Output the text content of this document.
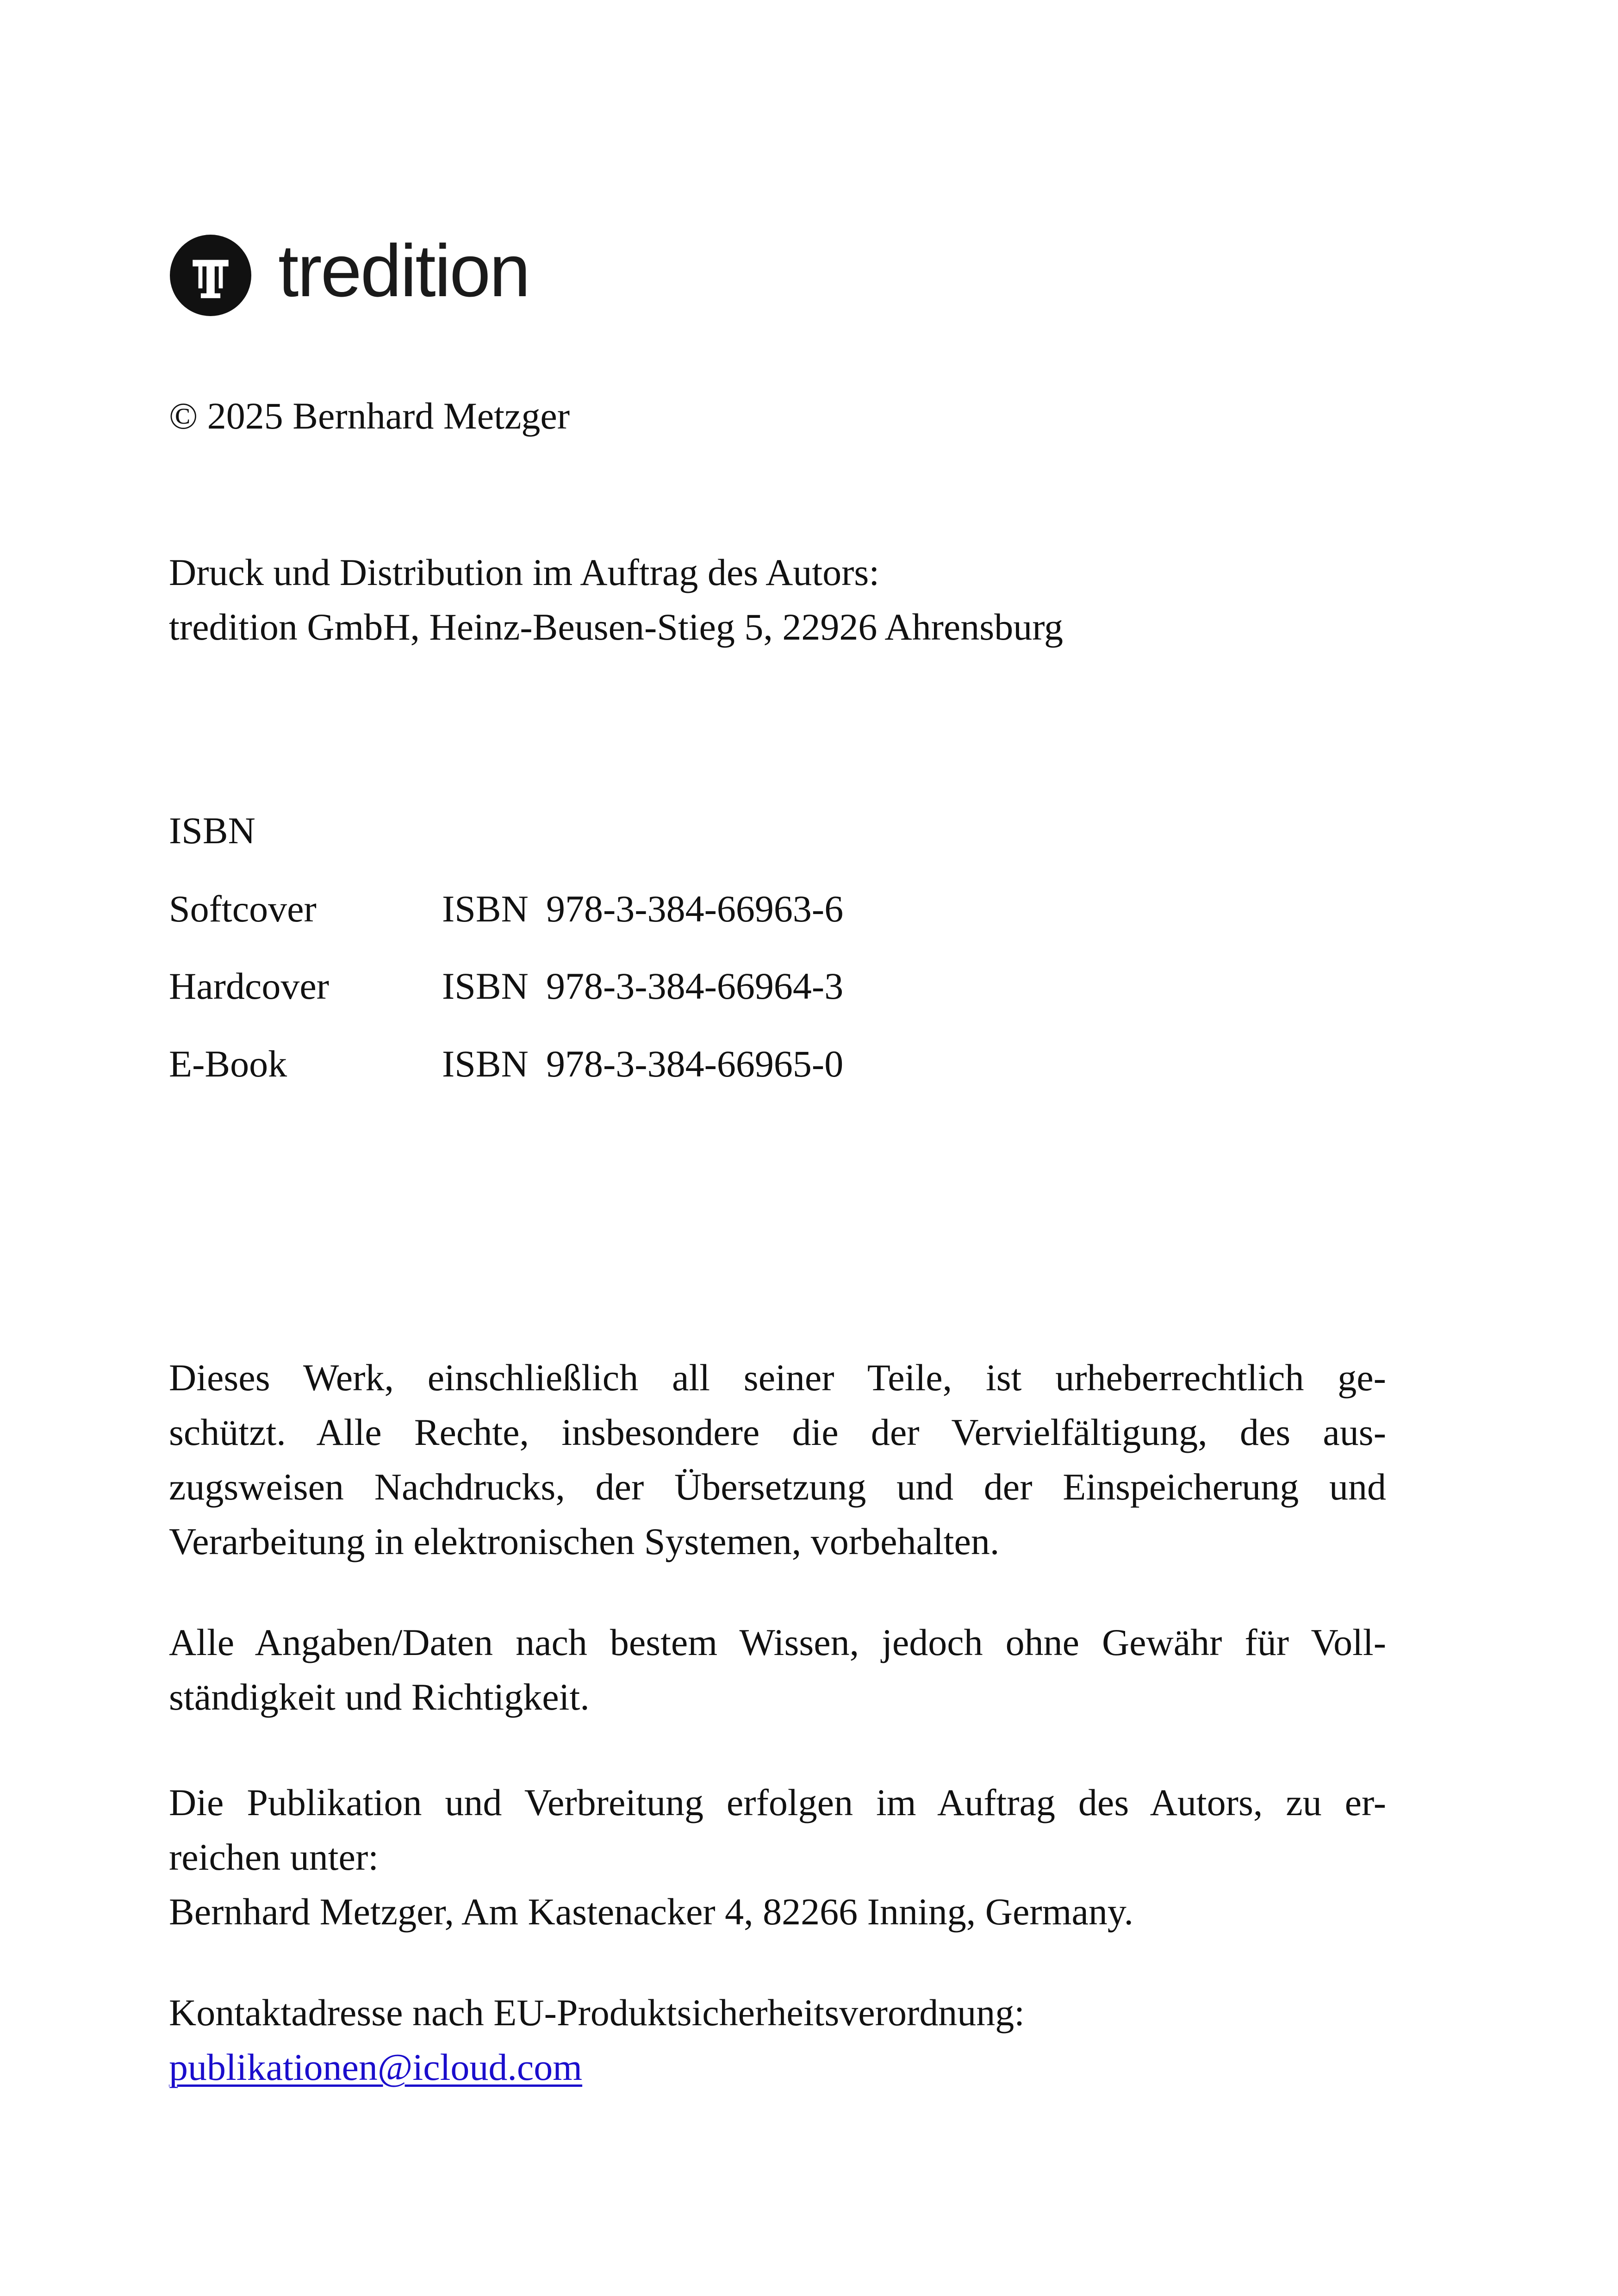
tredition
© 2025 Bernhard Metzger
Druck und Distribution im Auftrag des Autors:
tredition GmbH, Heinz-Beusen-Stieg 5, 22926 Ahrensburg
ISBN
Softcover	ISBN 978-3-384-66963-6
Hardcover	ISBN 978-3-384-66964-3
E-Book	ISBN 978-3-384-66965-0
Dieses Werk, einschließlich all seiner Teile, ist urheberrechtlich ge-
schützt. Alle Rechte, insbesondere die der Vervielfältigung, des aus-
zugsweisen Nachdrucks, der Übersetzung und der Einspeicherung und
Verarbeitung in elektronischen Systemen, vorbehalten.
Alle Angaben/Daten nach bestem Wissen, jedoch ohne Gewähr für Voll-
ständigkeit und Richtigkeit.
Die Publikation und Verbreitung erfolgen im Auftrag des Autors, zu er-
reichen unter:
Bernhard Metzger, Am Kastenacker 4, 82266 Inning, Germany.
Kontaktadresse nach EU-Produktsicherheitsverordnung:
publikationen@icloud.com
